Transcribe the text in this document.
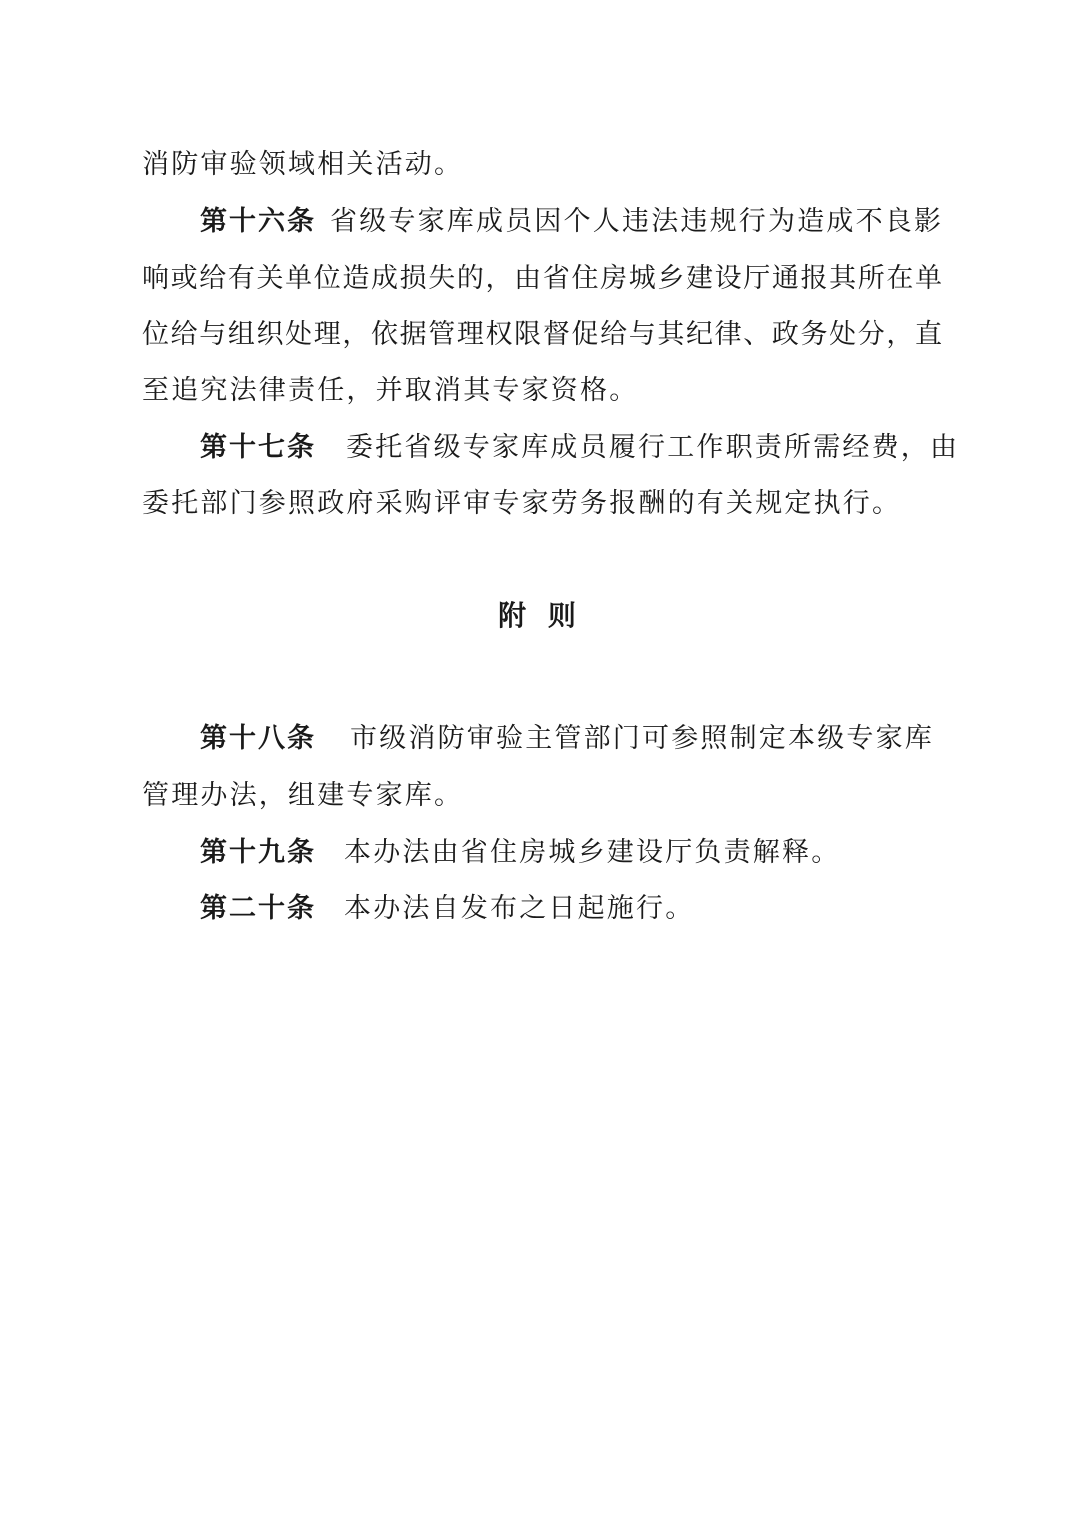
消防审验领域相关活动。
第十六条 省级专家库成员因个人违法违规行为造成不良影
响或给有关单位造成损失的，由省住房城乡建设厅通报其所在单
位给与组织处理，依据管理权限督促给与其纪律、政务处分，直
至追究法律责任，并取消其专家资格。
第十七条 委托省级专家库成员履行工作职责所需经费，由
委托部门参照政府采购评审专家劳务报酬的有关规定执行。
附 则
第十八条 市级消防审验主管部门可参照制定本级专家库
管理办法，组建专家库。
第十九条 本办法由省住房城乡建设厅负责解释。
第二十条 本办法自发布之日起施行。
